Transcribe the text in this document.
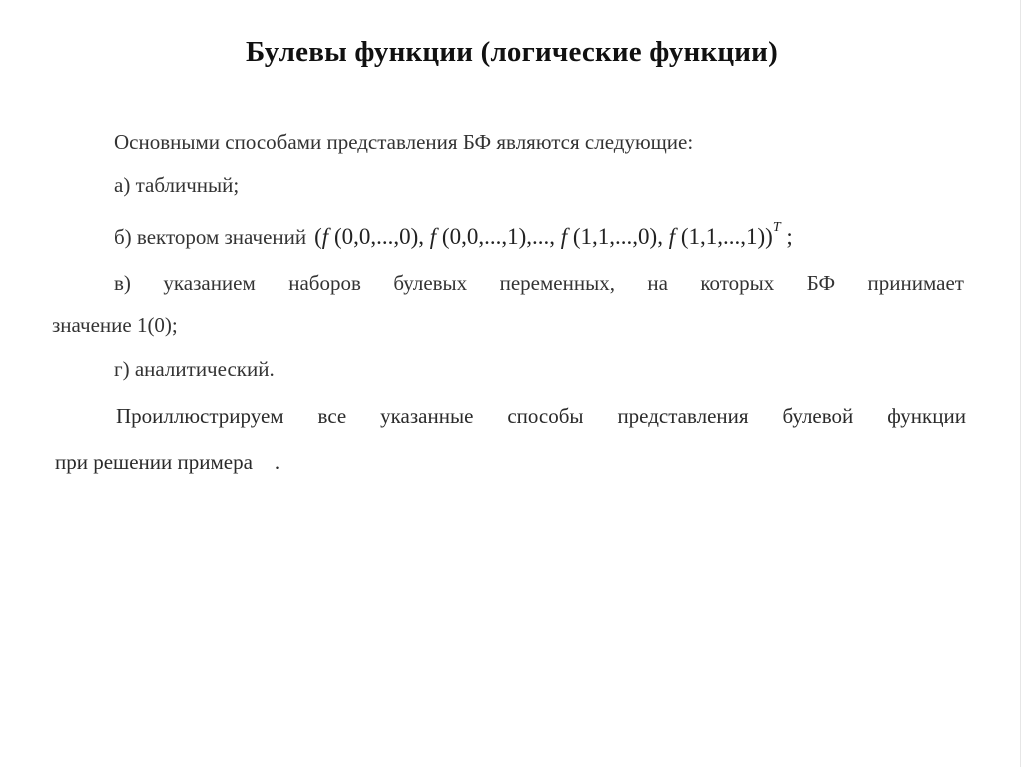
Булевы функции (логические функции)
Основными способами представления БФ являются следующие:
а) табличный;
б) вектором значений (f (0,0,...,0), f (0,0,...,1),..., f (1,1,...,0), f (1,1,...,1))$^T$ ;
в) указанием наборов булевых переменных, на которых БФ принимает
значение 1(0);
г) аналитический.
Проиллюстрируем все указанные способы представления булевой функции
при решении примера .
